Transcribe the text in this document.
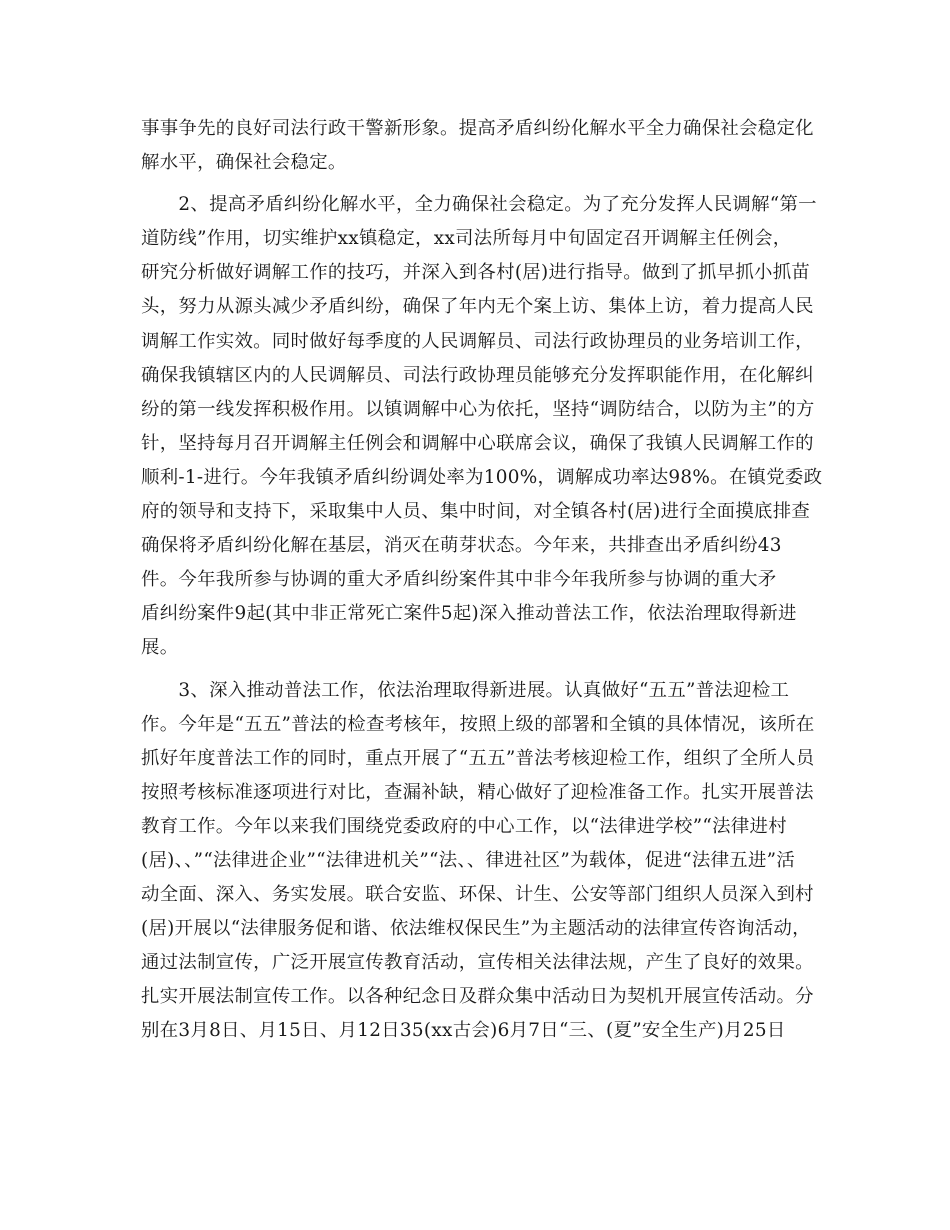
事事争先的良好司法行政干警新形象。提高矛盾纠纷化解水平全力确保社会稳定化
解水平，确保社会稳定。
　　2、提高矛盾纠纷化解水平，全力确保社会稳定。为了充分发挥人民调解“第一
道防线”作用，切实维护xx镇稳定，xx司法所每月中旬固定召开调解主任例会，
研究分析做好调解工作的技巧，并深入到各村(居)进行指导。做到了抓早抓小抓苗
头，努力从源头减少矛盾纠纷，确保了年内无个案上访、集体上访，着力提高人民
调解工作实效。同时做好每季度的人民调解员、司法行政协理员的业务培训工作，
确保我镇辖区内的人民调解员、司法行政协理员能够充分发挥职能作用，在化解纠
纷的第一线发挥积极作用。以镇调解中心为依托，坚持“调防结合，以防为主”的方
针，坚持每月召开调解主任例会和调解中心联席会议，确保了我镇人民调解工作的
顺利-1-进行。今年我镇矛盾纠纷调处率为100%，调解成功率达98%。在镇党委政
府的领导和支持下，采取集中人员、集中时间，对全镇各村(居)进行全面摸底排查
确保将矛盾纠纷化解在基层，消灭在萌芽状态。今年来，共排查出矛盾纠纷43
件。今年我所参与协调的重大矛盾纠纷案件其中非今年我所参与协调的重大矛
盾纠纷案件9起(其中非正常死亡案件5起)深入推动普法工作，依法治理取得新进
展。
　　3、深入推动普法工作，依法治理取得新进展。认真做好“五五”普法迎检工
作。今年是“五五”普法的检查考核年，按照上级的部署和全镇的具体情况，该所在
抓好年度普法工作的同时，重点开展了“五五”普法考核迎检工作，组织了全所人员
按照考核标准逐项进行对比，查漏补缺，精心做好了迎检准备工作。扎实开展普法
教育工作。今年以来我们围绕党委政府的中心工作，以“法律进学校”“法律进村
(居)、、”“法律进企业”“法律进机关”“法、、律进社区”为载体，促进“法律五进”活
动全面、深入、务实发展。联合安监、环保、计生、公安等部门组织人员深入到村
(居)开展以“法律服务促和谐、依法维权保民生”为主题活动的法律宣传咨询活动，
通过法制宣传，广泛开展宣传教育活动，宣传相关法律法规，产生了良好的效果。
扎实开展法制宣传工作。以各种纪念日及群众集中活动日为契机开展宣传活动。分
别在3月8日、月15日、月12日35(xx古会)6月7日“三、(夏”安全生产)月25日
